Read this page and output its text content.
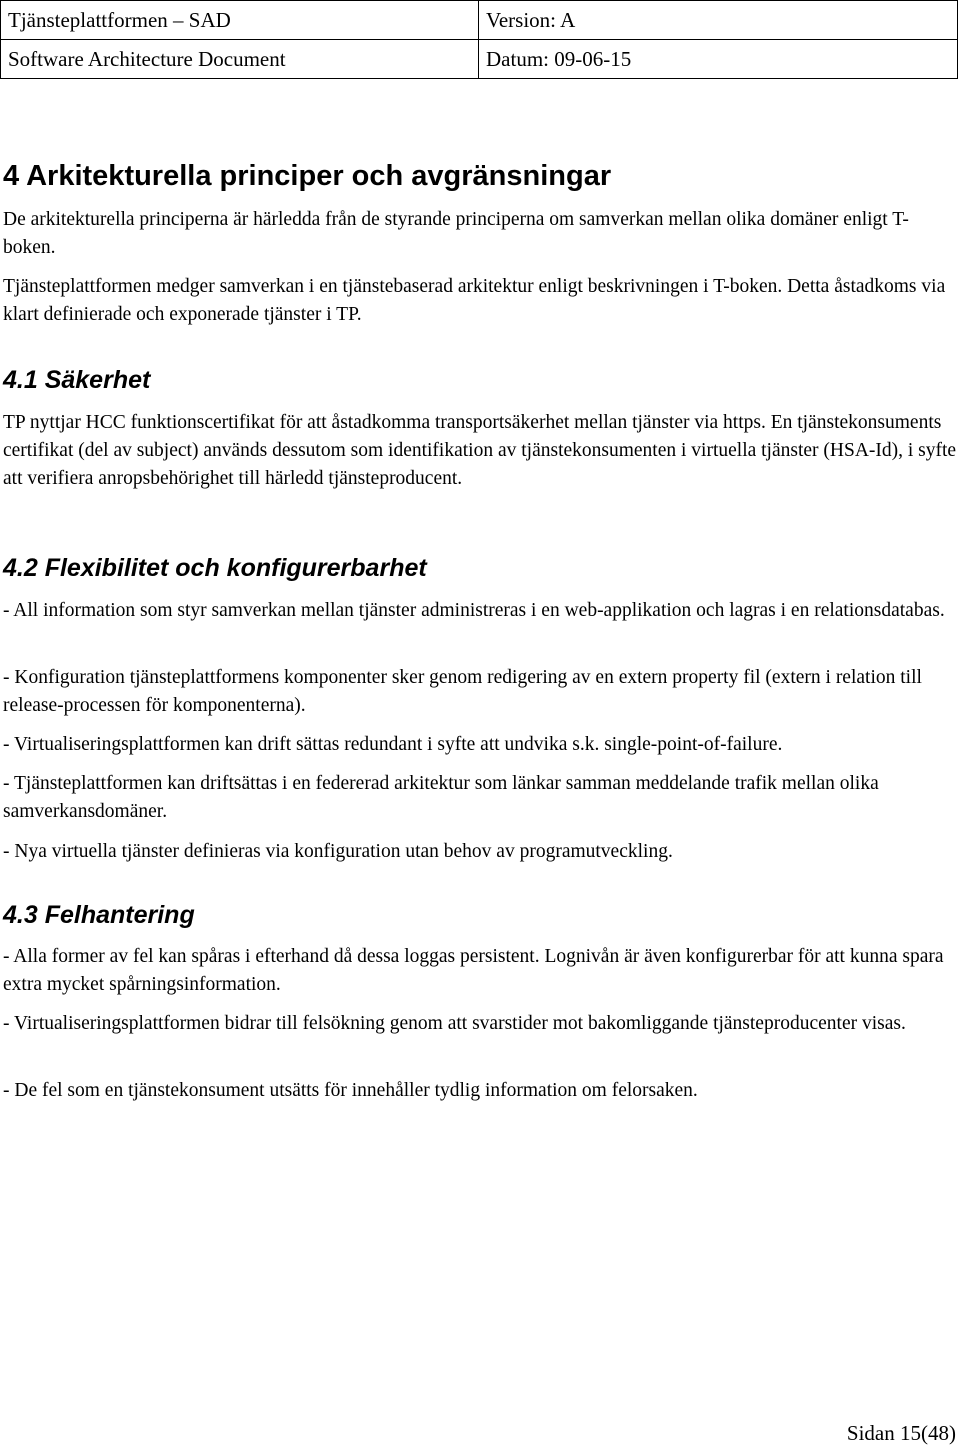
Tjänsteplattformen – SAD	Version: A
Software Architecture Document	Datum: 09-06-15
4 Arkitekturella principer och avgränsningar

De arkitekturella principerna är härledda från de styrande principerna om samverkan mellan olika domäner enligt T-boken.

Tjänsteplattformen medger samverkan i en tjänstebaserad arkitektur enligt beskrivningen i T-boken. Detta åstadkoms via klart definierade och exponerade tjänster i TP.

4.1 Säkerhet

TP nyttjar HCC funktionscertifikat för att åstadkomma transportsäkerhet mellan tjänster via https. En tjänstekonsuments certifikat (del av subject) används dessutom som identifikation av tjänstekonsumenten i virtuella tjänster (HSA-Id), i syfte att verifiera anropsbehörighet till härledd tjänsteproducent.

4.2 Flexibilitet och konfigurerbarhet

- All information som styr samverkan mellan tjänster administreras i en web-applikation och lagras i en relationsdatabas.

- Konfiguration tjänsteplattformens komponenter sker genom redigering av en extern property fil (extern i relation till release-processen för komponenterna).

- Virtualiseringsplattformen kan drift sättas redundant i syfte att undvika s.k. single-point-of-failure.

- Tjänsteplattformen kan driftsättas i en federerad arkitektur som länkar samman meddelande trafik mellan olika samverkansdomäner.

- Nya virtuella tjänster definieras via konfiguration utan behov av programutveckling.

4.3 Felhantering

- Alla former av fel kan spåras i efterhand då dessa loggas persistent. Lognivån är även konfigurerbar för att kunna spara extra mycket spårningsinformation.

- Virtualiseringsplattformen bidrar till felsökning genom att svarstider mot bakomliggande tjänsteproducenter visas.

- De fel som en tjänstekonsument utsätts för innehåller tydlig information om felorsaken.

Sidan 15(48)
